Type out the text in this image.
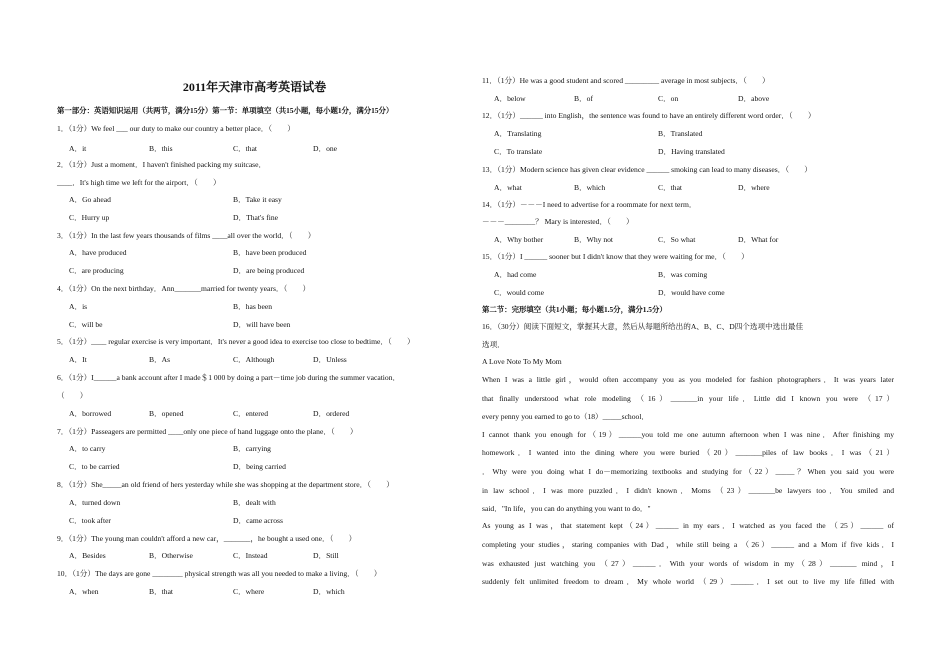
2011年天津市高考英语试卷
第一部分：英语知识运用（共两节，满分15分）第一节：单项填空（共15小题，每小题1分，满分15分）
1．（1分）We feel ___ our duty to make our country a better place．（　　）
A．it	B．this	C．that	D．one
2．（1分）Just a moment．I haven't finished packing my suitcase．
____．It's high time we left for the airport．（　　）
A．Go ahead	B．Take it easy
C．Hurry up	D．That's fine
3．（1分）In the last few years thousands of films ____all over the world．（　　）
A．have produced	B．have been produced
C．are producing	D．are being produced
4．（1分）On the next birthday．Ann_______married for twenty years．（　　）
A．is	B．has been
C．will be	D．will have been
5．（1分）____ regular exercise is very important．It's never a good idea to exercise too close to bedtime．（　　）
A．It	B．As	C．Although	D．Unless
6．（1分）I______a bank account after I made＄1 000 by doing a part－time job during the summer vacation．
（　　）
A．borrowed	B．opened	C．entered	D．ordered
7．（1分）Passeagers are permitted ____only one piece of hand luggage onto the plane．（　　）
A．to carry	B．carrying
C．to be carried	D．being carried
8．（1分）She_____an old friend of hers yesterday while she was shopping at the department store．（　　）
A．turned down	B．dealt with
C．took after	D．came across
9．（1分）The young man couldn't afford a new car，_______，he bought a used one．（　　）
A．Besides	B．Otherwise	C．Instead	D．Still
10．（1分）The days are gone ________ physical strength was all you needed to make a living．（　　）
A．when	B．that	C．where	D．which
11．（1分）He was a good student and scored _________ average in most subjects．（　　）
A．below	B．of	C．on	D．above
12．（1分）______ into English，the sentence was found to have an entirely different word order．（　　）
A．Translating	B．Translated
C．To translate	D．Having translated
13．（1分）Modern science has given clear evidence ______ smoking can lead to many diseases．（　　）
A．what	B．which	C．that	D．where
14．（1分）－－－I need to advertise for a roommate for next term．
－－－________？ Mary is interested．（　　）
A．Why bother	B．Why not	C．So what	D．What for
15．（1分）I ______ sooner but I didn't know that they were waiting for me．（　　）
A．had come	B．was coming
C．would come	D．would have come
第二节：完形填空（共1小题；每小题1.5分，满分1.5分）
16．（30分）阅读下面短文，掌握其大意，然后从每题所给出的A、B、C、D四个选项中选出最佳
选项．
A Love Note To My Mom
When I was a little girl，would often accompany you as you modeled for fashion photographers．It was years later
that finally understood what role modeling （16）_______in your life．Little did I known you were （17）
every penny you earned to go to（18）_____school．
I cannot thank you enough for（19）______you told me one autumn afternoon when I was nine．After finishing my
homework．I wanted into the dining where you were buried（20）_______piles of law books．I was（21）
．Why were you doing what I do－memorizing textbooks and studying for（22）_____？When you said you were
in law school．I was more puzzled．I didn't known．Moms （23）_______be lawyers too．You smiled and
said．"In life，you can do anything you want to do．"
As young as I was，that statement kept（24）______ in my ears．I watched as you faced the （25）______ of
completing your studies，staring companies with Dad，while still being a （26）______ and a Mom if five kids．I
was exhausted just watching you （27）______．With your words of wisdom in my（28）_______ mind，I
suddenly felt unlimited freedom to dream．My whole world （29）______．I set out to live my life filled with
